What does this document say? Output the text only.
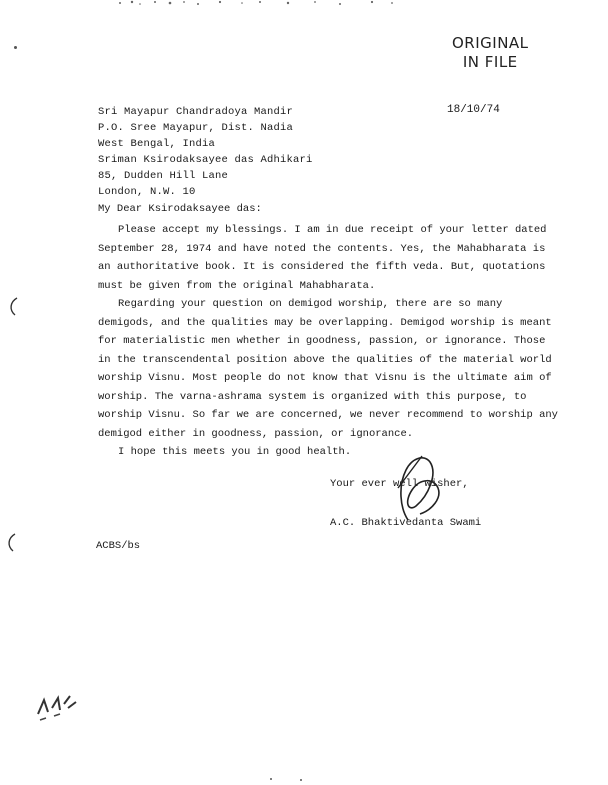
ORIGINAL
IN FILE
Sri Mayapur Chandradoya Mandir
P.O. Sree Mayapur, Dist. Nadia
West Bengal, India
18/10/74
Sriman Ksirodaksayee das Adhikari
85, Dudden Hill Lane
London, N.W. 10
My Dear Ksirodaksayee das:

Please accept my blessings. I am in due receipt of your letter dated September 28, 1974 and have noted the contents. Yes, the Mahabharata is an authoritative book. It is considered the fifth veda. But, quotations must be given from the original Mahabharata.

Regarding your question on demigod worship, there are so many demigods, and the qualities may be overlapping. Demigod worship is meant for materialistic men whether in goodness, passion, or ignorance. Those in the transcendental position above the qualities of the material world worship Visnu. Most people do not know that Visnu is the ultimate aim of worship. The varna-ashrama system is organized with this purpose, to worship Visnu. So far we are concerned, we never recommend to worship any demigod either in goodness, passion, or ignorance.

I hope this meets you in good health.

Your ever well wisher,
A.C. Bhaktivedanta Swami
ACBS/bs
